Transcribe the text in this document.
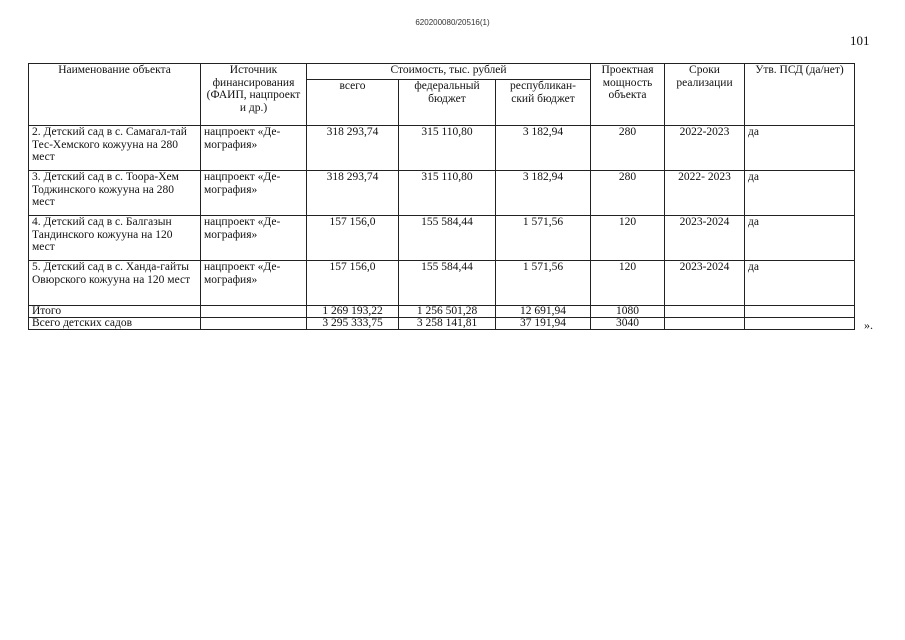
620200080/20516(1)
101
Наименование объекта	Источник финансирования (ФАИП, нацпроект и др.)	Стоимость, тыс. рублей			Проектная мощность объекта	Сроки реализации	Утв. ПСД (да/нет)
		всего	федеральный бюджет	республикан-ский бюджет			
2. Детский сад в с. Самагал-тай Тес-Хемского кожууна на 280 мест	нацпроект «Де-мография»	318 293,74	315 110,80	3 182,94	280	2022-2023	да
3. Детский сад в с. Тоора-Хем Тоджинского кожууна на 280 мест	нацпроект «Де-мография»	318 293,74	315 110,80	3 182,94	280	2022- 2023	да
4. Детский сад в с. Балгазын Тандинского кожууна на 120 мест	нацпроект «Де-мография»	157 156,0	155 584,44	1 571,56	120	2023-2024	да
5. Детский сад в с. Ханда-гайты Овюрского кожууна на 120 мест	нацпроект «Де-мография»	157 156,0	155 584,44	1 571,56	120	2023-2024	да
Итого		1 269 193,22	1 256 501,28	12 691,94	1080		
Всего детских садов		3 295 333,75	3 258 141,81	37 191,94	3040			».
